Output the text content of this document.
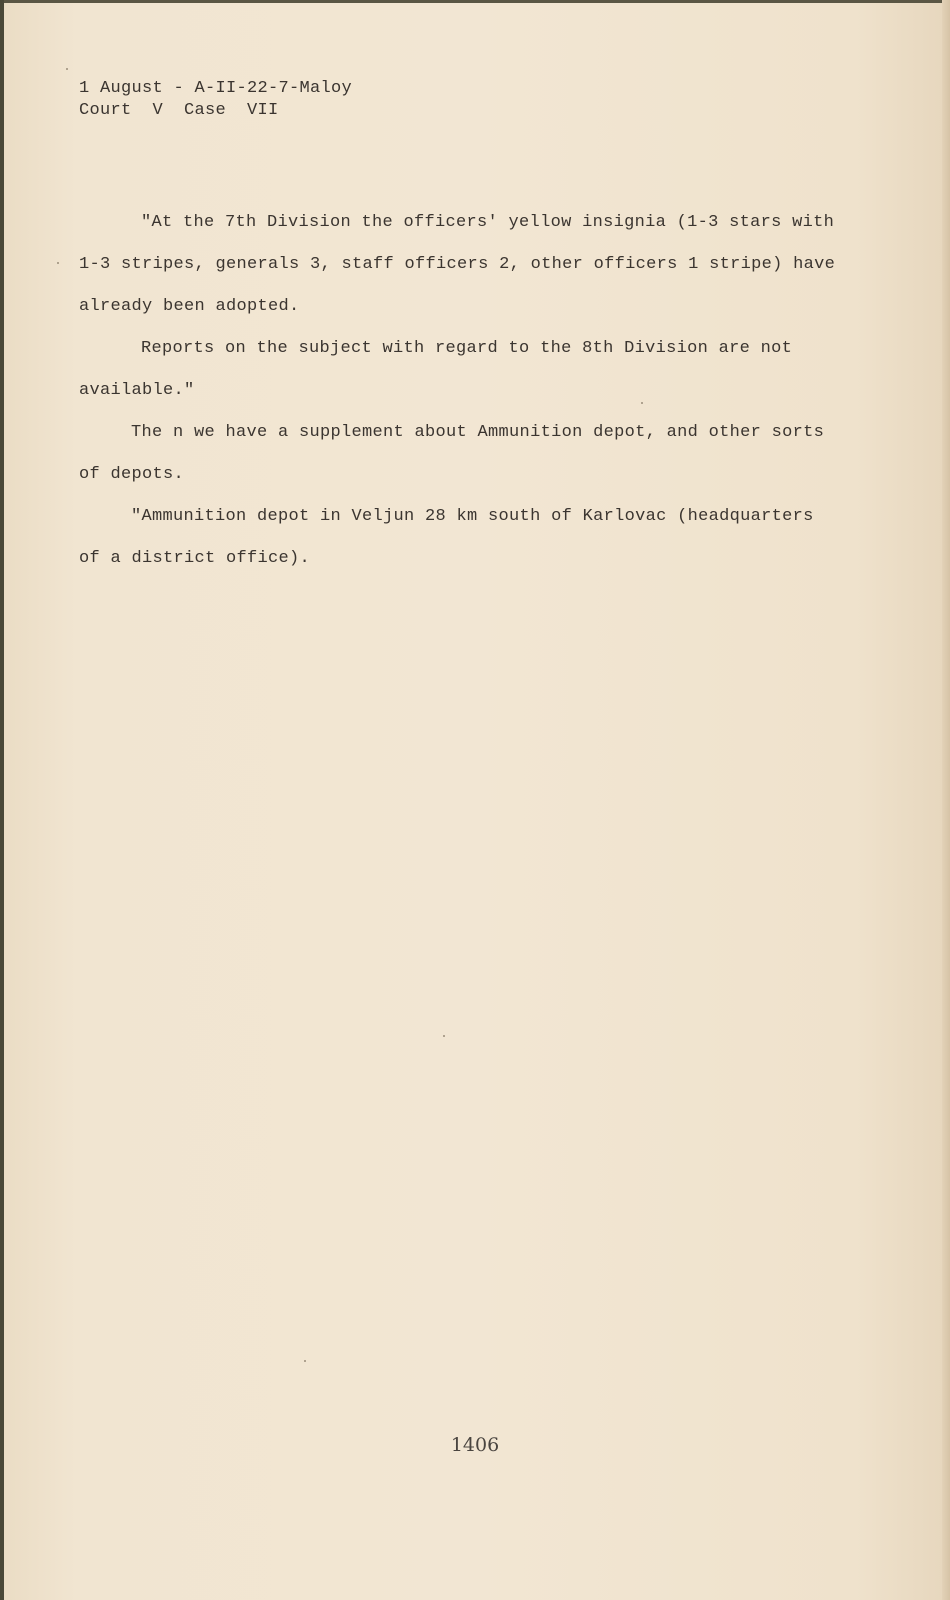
1 August - A-II-22-7-Maloy
Court  V  Case  VII

"At the 7th Division the officers' yellow insignia (1-3 stars with
1-3 stripes, generals 3, staff officers 2, other officers 1 stripe) have
already been adopted.

Reports on the subject with regard to the 8th Division are not
available."

The n we have a supplement about Ammunition depot, and other sorts
of depots.

"Ammunition depot in Veljun 28 km south of Karlovac (headquarters
of a district office).

1406
